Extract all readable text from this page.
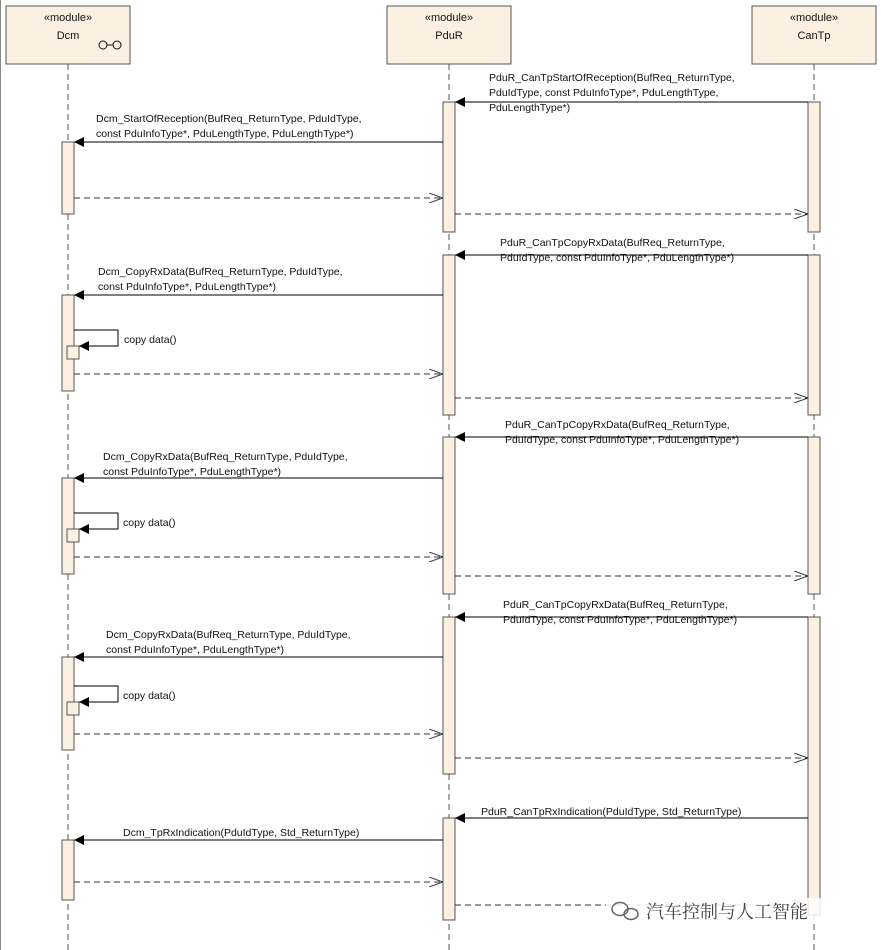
«module»
Dcm
«module»
PduR
«module»
CanTp
PduR_CanTpStartOfReception(BufReq_ReturnType, PduIdType, const PduInfoType*, PduLengthType, PduLengthType*)
Dcm_StartOfReception(BufReq_ReturnType, PduIdType, const PduInfoType*, PduLengthType, PduLengthType*)
PduR_CanTpCopyRxData(BufReq_ReturnType, PduIdType, const PduInfoType*, PduLengthType*)
Dcm_CopyRxData(BufReq_ReturnType, PduIdType, const PduInfoType*, PduLengthType*)
copy data()
PduR_CanTpCopyRxData(BufReq_ReturnType, PduIdType, const PduInfoType*, PduLengthType*)
Dcm_CopyRxData(BufReq_ReturnType, PduIdType, const PduInfoType*, PduLengthType*)
copy data()
PduR_CanTpCopyRxData(BufReq_ReturnType, PduIdType, const PduInfoType*, PduLengthType*)
Dcm_CopyRxData(BufReq_ReturnType, PduIdType, const PduInfoType*, PduLengthType*)
copy data()
PduR_CanTpRxIndication(PduIdType, Std_ReturnType)
Dcm_TpRxIndication(PduIdType, Std_ReturnType)
汽车控制与人工智能
